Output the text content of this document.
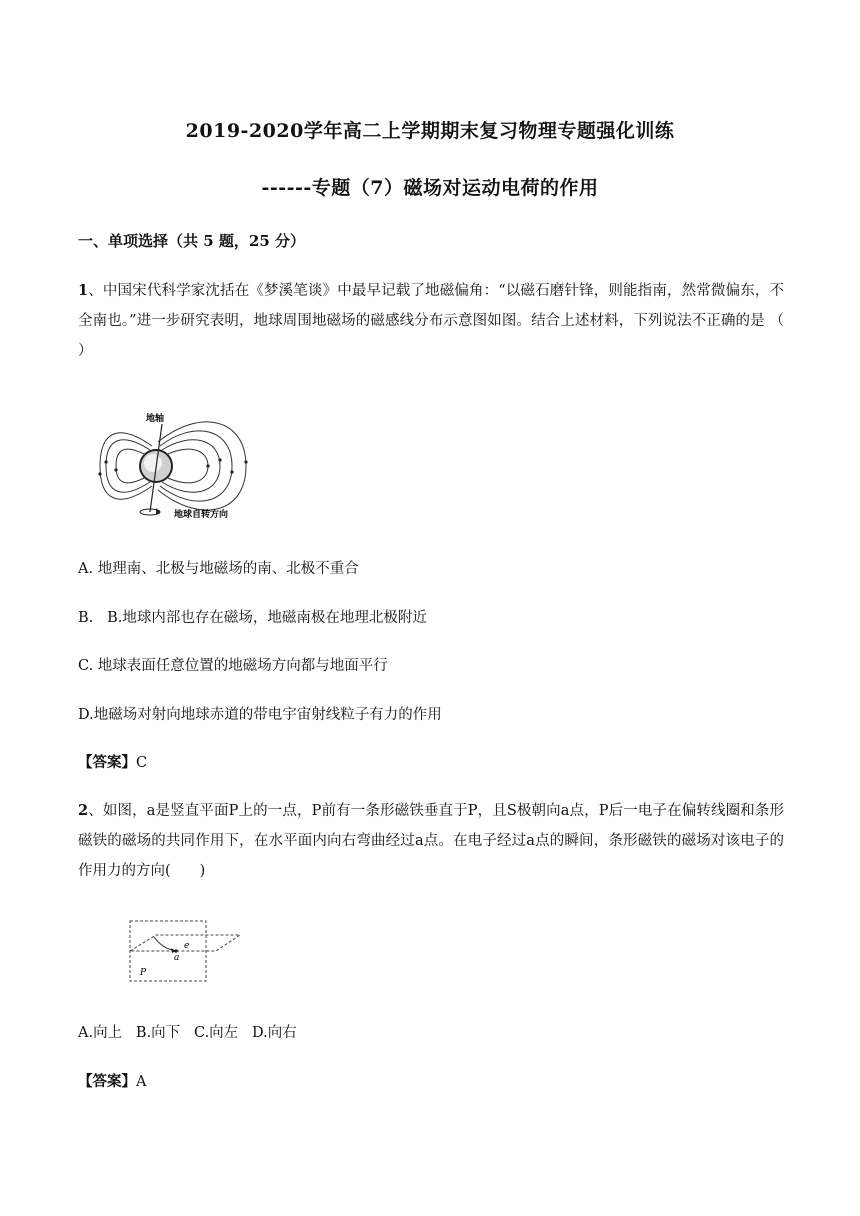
2019-2020学年高二上学期期末复习物理专题强化训练
------专题（7）磁场对运动电荷的作用
一、单项选择（共 5 题，25 分）
1、中国宋代科学家沈括在《梦溪笔谈》中最早记载了地磁偏角：“以磁石磨针锋，则能指南，然常微偏东，不全南也。”进一步研究表明，地球周围地磁场的磁感线分布示意图如图。结合上述材料，下列说法不正确的是 （ ）
地轴
地球自转方向
A. 地理南、北极与地磁场的南、北极不重合
B.   B.地球内部也存在磁场，地磁南极在地理北极附近
C. 地球表面任意位置的地磁场方向都与地面平行
D.地磁场对射向地球赤道的带电宇宙射线粒子有力的作用
【答案】C
2、如图，a是竖直平面P上的一点，P前有一条形磁铁垂直于P，且S极朝向a点，P后一电子在偏转线圈和条形磁铁的磁场的共同作用下，在水平面内向右弯曲经过a点。在电子经过a点的瞬间，条形磁铁的磁场对该电子的作用力的方向(　　)
e
a
P
A.向上   B.向下   C.向左   D.向右
【答案】A
